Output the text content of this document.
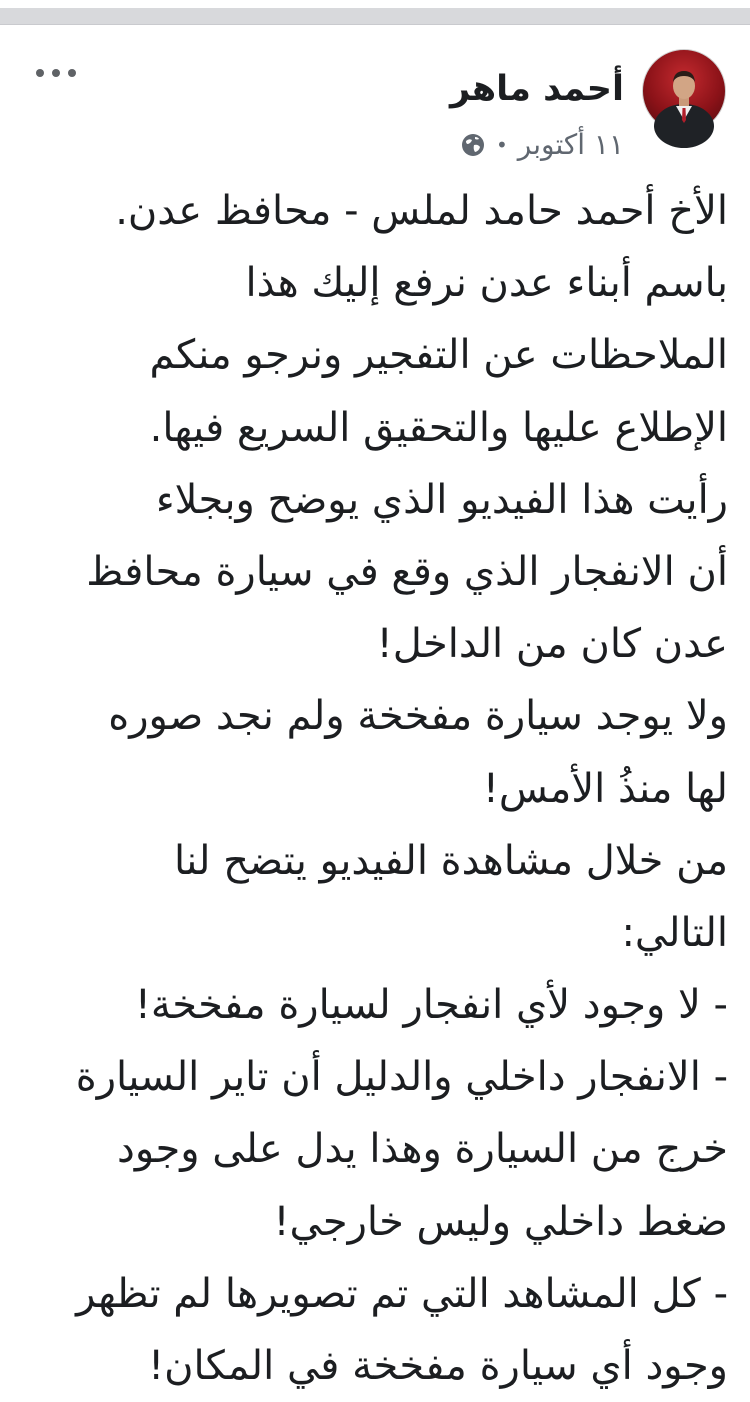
أحمد ماهر
١١ أكتوبر
•
الأخ أحمد حامد لملس - محافظ عدن.
باسم أبناء عدن نرفع إليك هذا
الملاحظات عن التفجير ونرجو منكم
الإطلاع عليها والتحقيق السريع فيها.
رأيت هذا الفيديو الذي يوضح وبجلاء
أن الانفجار الذي وقع في سيارة محافظ
عدن كان من الداخل!
ولا يوجد سيارة مفخخة ولم نجد صوره
لها منذُ الأمس!
من خلال مشاهدة الفيديو يتضح لنا
التالي:
- لا وجود لأي انفجار لسيارة مفخخة!
- الانفجار داخلي والدليل أن تاير السيارة
خرج من السيارة وهذا يدل على وجود
ضغط داخلي وليس خارجي!
- كل المشاهد التي تم تصويرها لم تظهر
وجود أي سيارة مفخخة في المكان!
